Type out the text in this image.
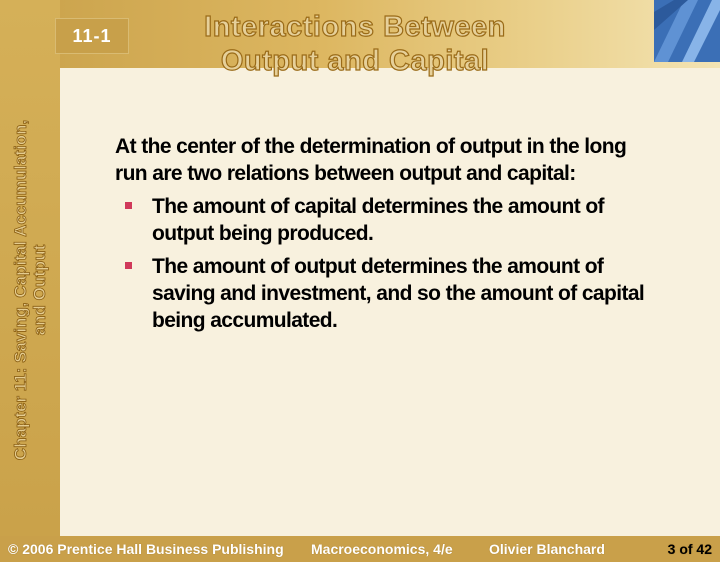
11-1	Interactions Between
Output and Capital
Chapter 11: Saving, Capital Accumulation, and Output

At the center of the determination of output in the long run are two relations between output and capital:

The amount of capital determines the amount of output being produced.
The amount of output determines the amount of saving and investment, and so the amount of capital being accumulated.
© 2006 Prentice Hall Business Publishing Macroeconomics, 4/e	Olivier Blanchard	3 of 42
